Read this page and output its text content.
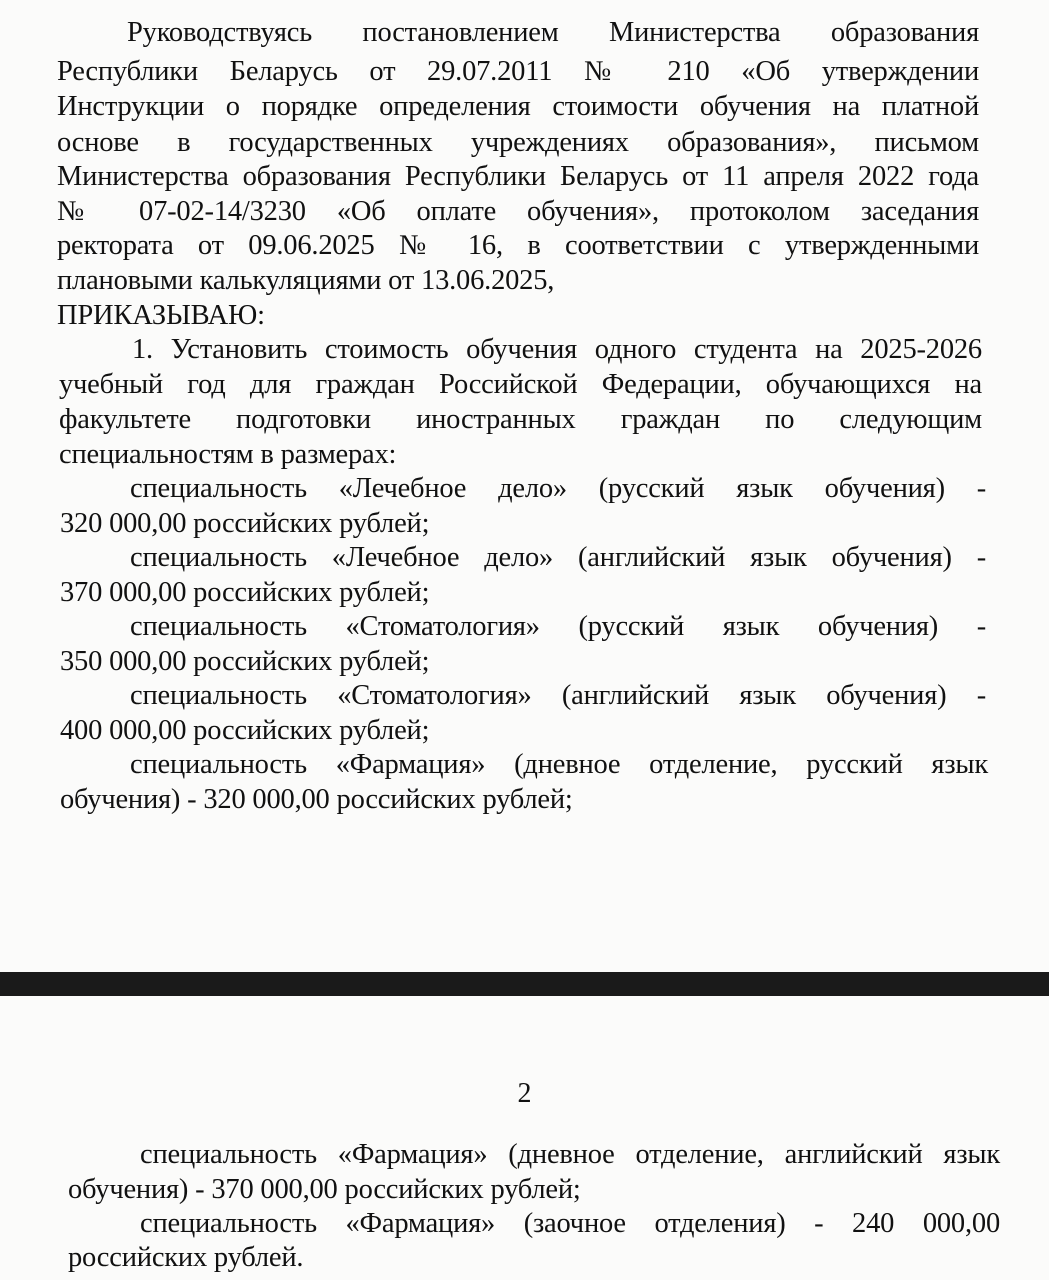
Руководствуясь постановлением Министерства образования
Республики Беларусь от 29.07.2011 № 210 «Об утверждении
Инструкции о порядке определения стоимости обучения на платной
основе в государственных учреждениях образования», письмом
Министерства образования Республики Беларусь от 11 апреля 2022 года
№ 07-02-14/3230 «Об оплате обучения», протоколом заседания
ректората от 09.06.2025 № 16, в соответствии с утвержденными
плановыми калькуляциями от 13.06.2025,
ПРИКАЗЫВАЮ:
1. Установить стоимость обучения одного студента на 2025-2026
учебный год для граждан Российской Федерации, обучающихся на
факультете подготовки иностранных граждан по следующим
специальностям в размерах:
специальность «Лечебное дело» (русский язык обучения) -
320 000,00 российских рублей;
специальность «Лечебное дело» (английский язык обучения) -
370 000,00 российских рублей;
специальность «Стоматология» (русский язык обучения) -
350 000,00 российских рублей;
специальность «Стоматология» (английский язык обучения) -
400 000,00 российских рублей;
специальность «Фармация» (дневное отделение, русский язык
обучения) - 320 000,00 российских рублей;
2
специальность «Фармация» (дневное отделение, английский язык
обучения) - 370 000,00 российских рублей;
специальность «Фармация» (заочное отделения) - 240 000,00
российских рублей.
